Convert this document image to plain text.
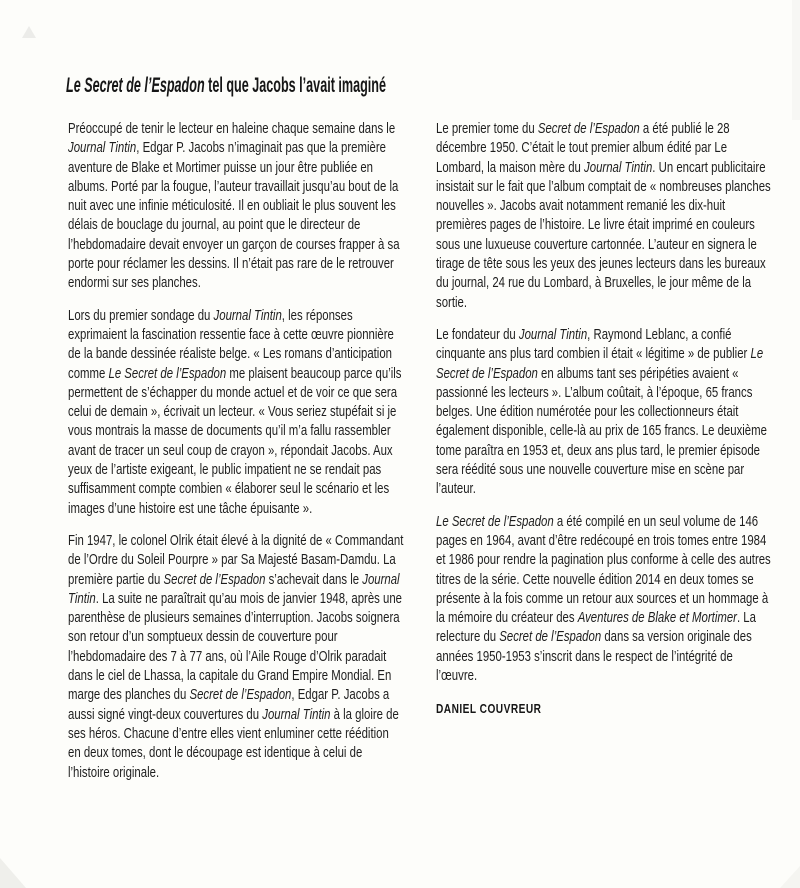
Le Secret de l’Espadon tel que Jacobs l’avait imaginé

Préoccupé de tenir le lecteur en haleine chaque semaine dans le Journal Tintin, Edgar P. Jacobs n’imaginait pas que la première aventure de Blake et Mortimer puisse un jour être publiée en albums. Porté par la fougue, l’auteur travaillait jusqu’au bout de la nuit avec une infinie méticulosité. Il en oubliait le plus souvent les délais de bouclage du journal, au point que le directeur de l’hebdomadaire devait envoyer un garçon de courses frapper à sa porte pour réclamer les dessins. Il n’était pas rare de le retrouver endormi sur ses planches.

Lors du premier sondage du Journal Tintin, les réponses exprimaient la fascination ressentie face à cette œuvre pionnière de la bande dessinée réaliste belge. « Les romans d’anticipation comme Le Secret de l’Espadon me plaisent beaucoup parce qu’ils permettent de s’échapper du monde actuel et de voir ce que sera celui de demain », écrivait un lecteur. « Vous seriez stupéfait si je vous montrais la masse de documents qu’il m’a fallu rassembler avant de tracer un seul coup de crayon », répondait Jacobs. Aux yeux de l’artiste exigeant, le public impatient ne se rendait pas suffisamment compte combien « élaborer seul le scénario et les images d’une histoire est une tâche épuisante ».

Fin 1947, le colonel Olrik était élevé à la dignité de « Commandant de l’Ordre du Soleil Pourpre » par Sa Majesté Basam-Damdu. La première partie du Secret de l’Espadon s’achevait dans le Journal Tintin. La suite ne paraîtrait qu’au mois de janvier 1948, après une parenthèse de plusieurs semaines d’interruption. Jacobs soignera son retour d’un somptueux dessin de couverture pour l’hebdomadaire des 7 à 77 ans, où l’Aile Rouge d’Olrik paradait dans le ciel de Lhassa, la capitale du Grand Empire Mondial. En marge des planches du Secret de l’Espadon, Edgar P. Jacobs a aussi signé vingt-deux couvertures du Journal Tintin à la gloire de ses héros. Chacune d’entre elles vient enluminer cette réédition en deux tomes, dont le découpage est identique à celui de l’histoire originale.

Le premier tome du Secret de l’Espadon a été publié le 28 décembre 1950. C’était le tout premier album édité par Le Lombard, la maison mère du Journal Tintin. Un encart publicitaire insistait sur le fait que l’album comptait de « nombreuses planches nouvelles ». Jacobs avait notamment remanié les dix-huit premières pages de l’histoire. Le livre était imprimé en couleurs sous une luxueuse couverture cartonnée. L’auteur en signera le tirage de tête sous les yeux des jeunes lecteurs dans les bureaux du journal, 24 rue du Lombard, à Bruxelles, le jour même de la sortie.

Le fondateur du Journal Tintin, Raymond Leblanc, a confié cinquante ans plus tard combien il était « légitime » de publier Le Secret de l’Espadon en albums tant ses péripéties avaient « passionné les lecteurs ». L’album coûtait, à l’époque, 65 francs belges. Une édition numérotée pour les collectionneurs était également disponible, celle-là au prix de 165 francs. Le deuxième tome paraîtra en 1953 et, deux ans plus tard, le premier épisode sera réédité sous une nouvelle couverture mise en scène par l’auteur.

Le Secret de l’Espadon a été compilé en un seul volume de 146 pages en 1964, avant d’être redécoupé en trois tomes entre 1984 et 1986 pour rendre la pagination plus conforme à celle des autres titres de la série. Cette nouvelle édition 2014 en deux tomes se présente à la fois comme un retour aux sources et un hommage à la mémoire du créateur des Aventures de Blake et Mortimer. La relecture du Secret de l’Espadon dans sa version originale des années 1950-1953 s’inscrit dans le respect de l’intégrité de l’œuvre.

DANIEL COUVREUR
